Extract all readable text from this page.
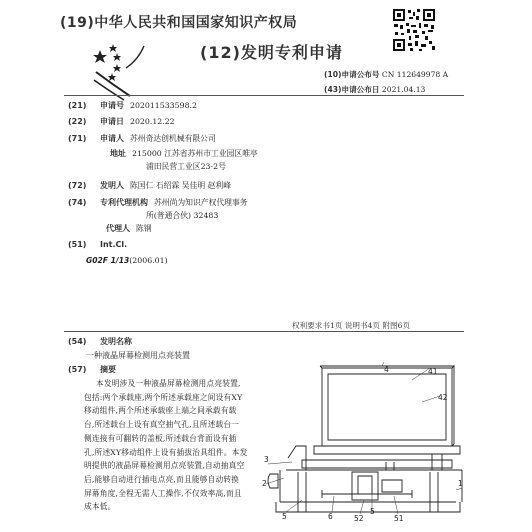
(19)中华人民共和国国家知识产权局
(12)发明专利申请
(10)申请公布号 CN 112649978 A
(43)申请公布日 2021.04.13
(21) 申请号 202011533598.2
(22) 申请日 2020.12.22
(71) 申请人 苏州奇达创机械有限公司
地址 215000 江苏省苏州市工业园区唯亭
浦田民营工业区23-2号
(72) 发明人 陈国仁 石绍霖 吴佳明 赵利峰
(74) 专利代理机构 苏州尚为知识产权代理事务
所(普通合伙) 32483
代理人 陈钢
(51) Int.Cl.
G02F 1/13(2006.01)
权利要求书1页 说明书4页 附图6页
(54) 发明名称
一种液晶屏幕检测用点亮装置
(57) 摘要
本发明涉及一种液晶屏幕检测用点亮装置,
包括:两个承载座,两个所述承载座之间设有XY
移动组件,两个所述承载座上端之间承载有载
台,所述载台上设有真空抽气孔,且所述载台一
侧连接有可翻转的盖板,所述载台背面设有插
孔,所述XY移动组件上设有插拔治具组件。本发
明提供的液晶屏幕检测用点亮装置,自动抽真空
后,能够自动进行插电点亮,而且能够自动转换
屏幕角度,全程无需人工操作,不仅效率高,而且
成本低。
4	41
42
3
2	1
5	6	52	51
5
